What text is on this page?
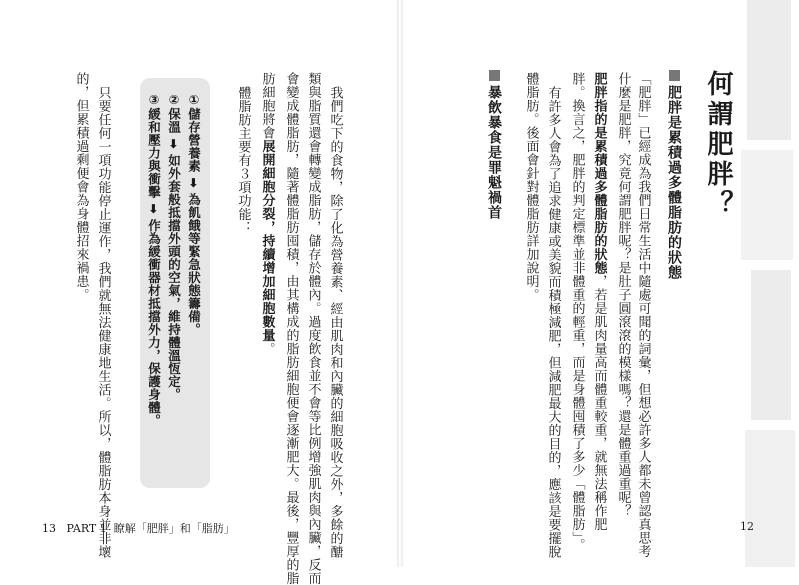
何謂肥胖？
肥胖是累積過多體脂肪的狀態
「肥胖」已經成為我們日常生活中隨處可聞的詞彙，但想必許多人都未曾認真思考
什麼是肥胖，究竟何謂肥胖呢？是肚子圓滾滾的模樣嗎？還是體重過重呢？
肥胖指的是累積過多體脂肪的狀態，若是肌肉量高而體重較重，就無法稱作肥
胖。換言之，肥胖的判定標準並非體重的輕重，而是身體囤積了多少「體脂肪」。
有許多人會為了追求健康或美貌而積極減肥，但減肥最大的目的，應該是要擺脫
體脂肪。後面會針對體脂肪詳加說明。
暴飲暴食是罪魁禍首
12
我們吃下的食物，除了化為營養素、經由肌肉和內臟的細胞吸收之外，多餘的醣
類與脂質還會轉變成脂肪，儲存於體內。過度飲食並不會等比例增強肌肉與內臟，反而
會變成體脂肪，隨著體脂肪囤積，由其構成的脂肪細胞便會逐漸肥大。最後，豐厚的脂
肪細胞將會展開細胞分裂，持續增加細胞數量。
體脂肪主要有３項功能：
①儲存營養素 ➡ 為飢餓等緊急狀態籌備。
②保溫 ➡ 如外套般抵擋外頭的空氣，維持體溫恆定。
③緩和壓力與衝擊 ➡ 作為緩衝器材抵擋外力，保護身體。
只要任何一項功能停止運作，我們就無法健康地生活。所以，體脂肪本身並非壞
的，但累積過剩便會為身體招來禍患。
13 PART 1 瞭解「肥胖」和「脂肪」
